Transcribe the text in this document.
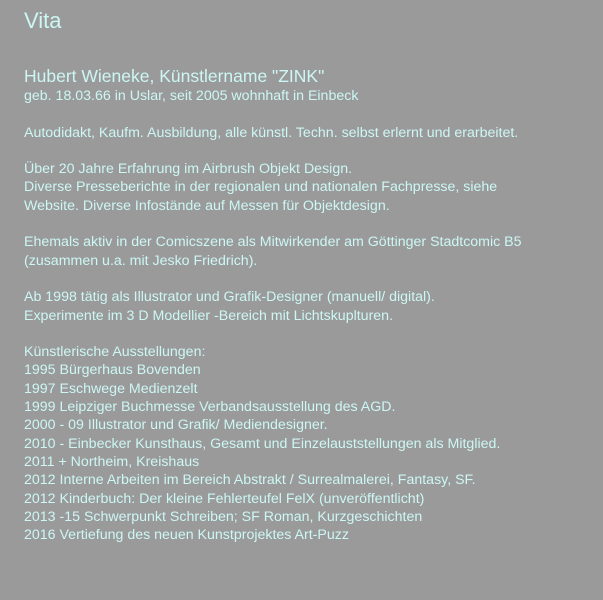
Vita

Hubert Wieneke, Künstlername "ZINK"

geb. 18.03.66 in Uslar, seit 2005 wohnhaft in Einbeck

Autodidakt, Kaufm. Ausbildung, alle künstl. Techn. selbst erlernt und erarbeitet.

Über 20 Jahre Erfahrung im Airbrush Objekt Design.

Diverse Presseberichte in der regionalen und nationalen Fachpresse, siehe

Website. Diverse Infostände auf Messen für Objektdesign.

Ehemals aktiv in der Comicszene als Mitwirkender am Göttinger Stadtcomic B5

(zusammen u.a. mit Jesko Friedrich).

Ab 1998 tätig als Illustrator und Grafik-Designer (manuell/ digital).

Experimente im 3 D Modellier -Bereich mit Lichtskuplturen.

Künstlerische Ausstellungen:

1995 Bürgerhaus Bovenden

1997 Eschwege Medienzelt

1999 Leipziger Buchmesse Verbandsausstellung des AGD.

2000 - 09 Illustrator und Grafik/ Mediendesigner.

2010 - Einbecker Kunsthaus, Gesamt und Einzelauststellungen als Mitglied.

2011 + Northeim, Kreishaus

2012 Interne Arbeiten im Bereich Abstrakt / Surrealmalerei, Fantasy, SF.

2012 Kinderbuch: Der kleine Fehlerteufel FelX (unveröffentlicht)

2013 -15 Schwerpunkt Schreiben; SF Roman, Kurzgeschichten

2016 Vertiefung des neuen Kunstprojektes Art-Puzz
